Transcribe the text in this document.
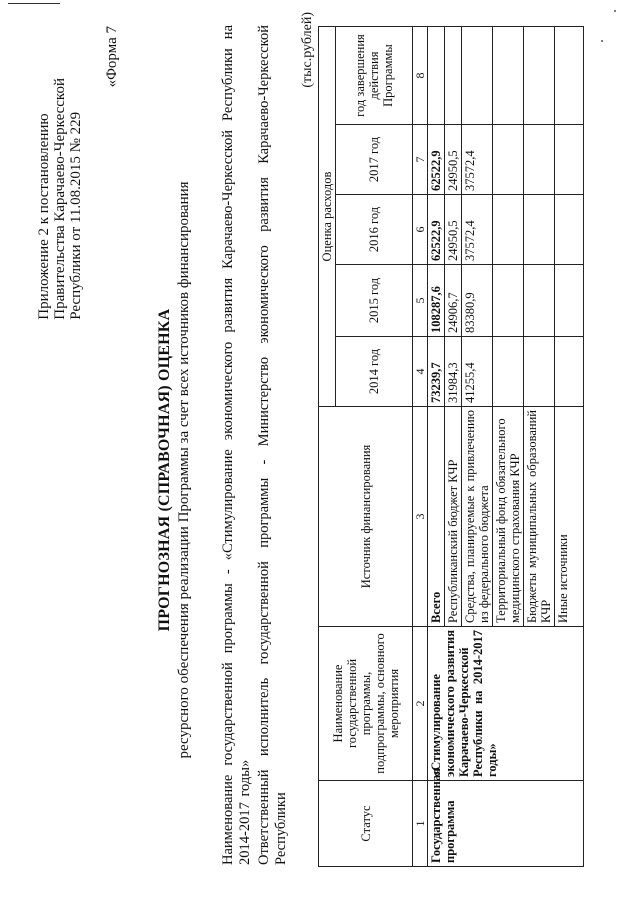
Приложение 2 к постановлению Правительства Карачаево-Черкесской Республики от 11.08.2015 № 229
«Форма 7
ПРОГНОЗНАЯ (СПРАВОЧНАЯ) ОЦЕНКА ресурсного обеспечения реализации Программы за счет всех источников финансирования Наименование государственной программы - «Стимулирование экономического развития Карачаево-Черкесской Республики на 2014-2017 годы» Ответственный исполнитель государственной программы - Министерство экономического развития Карачаево-Черкесской Республики
(тыс.рублей)
Статус	Наименование государственной программы, подпрограммы, основного мероприятия	Источник финансирования	Оценка расходов				
			2014 год	2015 год	2016 год	2017 год	год завершения действия Программы
1	2	3	4	5	6	7	8
Государственная программа	«Стимулирование экономического развития Карачаево-Черкесской Республики на 2014-2017 годы»	Всего	73239,7	108287,6	62522,9	62522,9	
		Республиканский бюджет КЧР	31984,3	24906,7	24950,5	24950,5	
		Средства, планируемые к привлечению из федерального бюджета	41255,4	83380,9	37572,4	37572,4	
		Территориальный фонд обязательного медицинского страхования КЧР					
		Бюджеты муниципальных образований КЧР					
		Иные источники					
